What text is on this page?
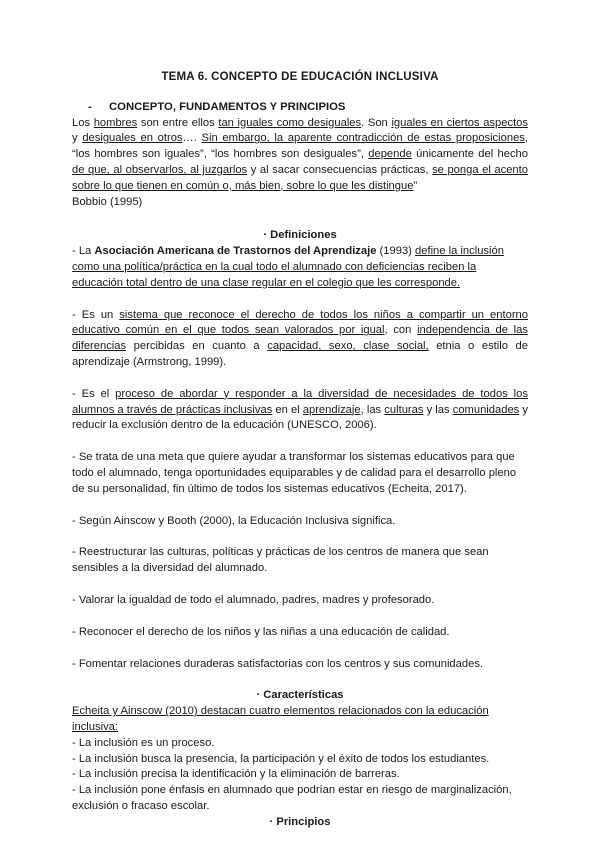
TEMA 6. CONCEPTO DE EDUCACIÓN INCLUSIVA
-	CONCEPTO, FUNDAMENTOS Y PRINCIPIOS

Los hombres son entre ellos tan iguales como desiguales. Son iguales en ciertos aspectos y desiguales en otros…. Sin embargo, la aparente contradicción de estas proposiciones, “los hombres son iguales”, “los hombres son desiguales”, depende únicamente del hecho de que, al observarlos, al juzgarlos y al sacar consecuencias prácticas, se ponga el acento sobre lo que tienen en común o, más bien, sobre lo que les distingue”

Bobbio (1995)

· Definiciones

- La Asociación Americana de Trastornos del Aprendizaje (1993) define la inclusión como una política/práctica en la cual todo el alumnado con deficiencias reciben la educación total dentro de una clase regular en el colegio que les corresponde.

- Es un sistema que reconoce el derecho de todos los niños a compartir un entorno educativo común en el que todos sean valorados por igual, con independencia de las diferencias percibidas en cuanto a capacidad, sexo, clase social, etnia o estilo de aprendizaje (Armstrong, 1999).

- Es el proceso de abordar y responder a la diversidad de necesidades de todos los alumnos a través de prácticas inclusivas en el aprendizaje, las culturas y las comunidades y reducir la exclusión dentro de la educación (UNESCO, 2006).

- Se trata de una meta que quiere ayudar a transformar los sistemas educativos para que todo el alumnado, tenga oportunidades equiparables y de calidad para el desarrollo pleno de su personalidad, fin último de todos los sistemas educativos (Echeita, 2017).

- Según Ainscow y Booth (2000), la Educación Inclusiva significa.

- Reestructurar las culturas, políticas y prácticas de los centros de manera que sean sensibles a la diversidad del alumnado.

- Valorar la igualdad de todo el alumnado, padres, madres y profesorado.

- Reconocer el derecho de los niños y las niñas a una educación de calidad.

- Fomentar relaciones duraderas satisfactorias con los centros y sus comunidades.

· Características

Echeita y Ainscow (2010) destacan cuatro elementos relacionados con la educación inclusiva:

- La inclusión es un proceso.

- La inclusión busca la presencia, la participación y el éxito de todos los estudiantes.

- La inclusión precisa la identificación y la eliminación de barreras.

- La inclusión pone énfasis en alumnado que podrían estar en riesgo de marginalización, exclusión o fracaso escolar.

· Principios
